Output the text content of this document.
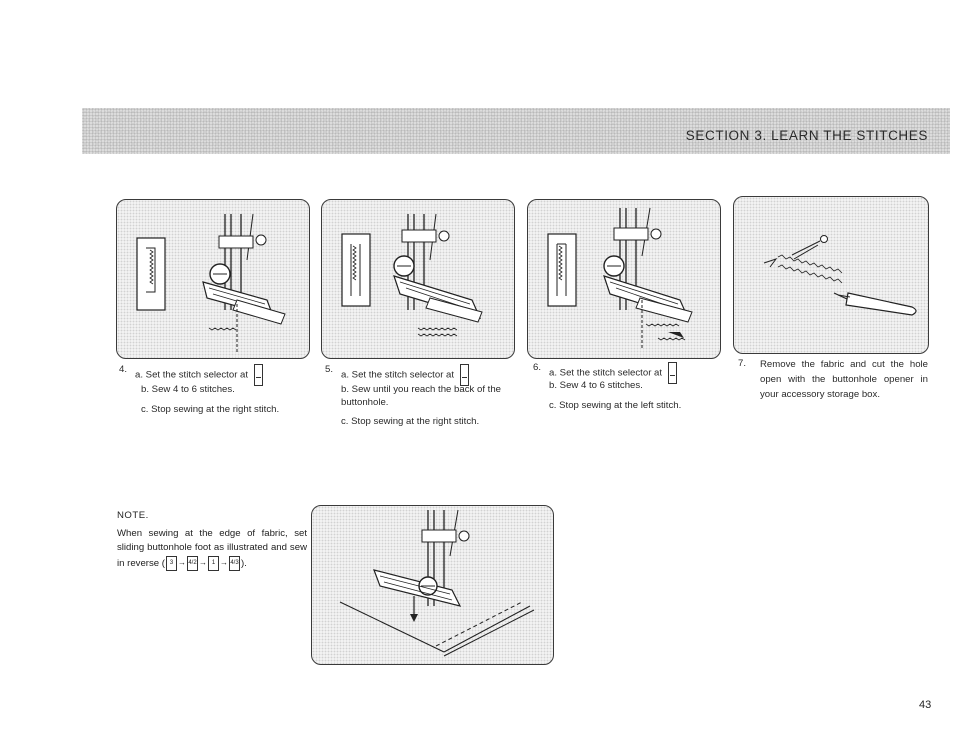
SECTION 3. LEARN THE STITCHES
4.
a. Set the stitch selector at
b. Sew 4 to 6 stitches.
c. Stop sewing at the right stitch.
5.
a. Set the stitch selector at
b. Sew until you reach the back of the buttonhole.
c. Stop sewing at the right stitch.
6.
a. Set the stitch selector at
b. Sew 4 to 6 stitches.
c. Stop sewing at the left stitch.
7. Remove the fabric and cut the hole open with the buttonhole opener in your accessory storage box.
NOTE.
When sewing at the edge of fabric, set sliding buttonhole foot as illustrated and sew in reverse ( 3 → 4/2 → 1 → 4/3 ).
43
